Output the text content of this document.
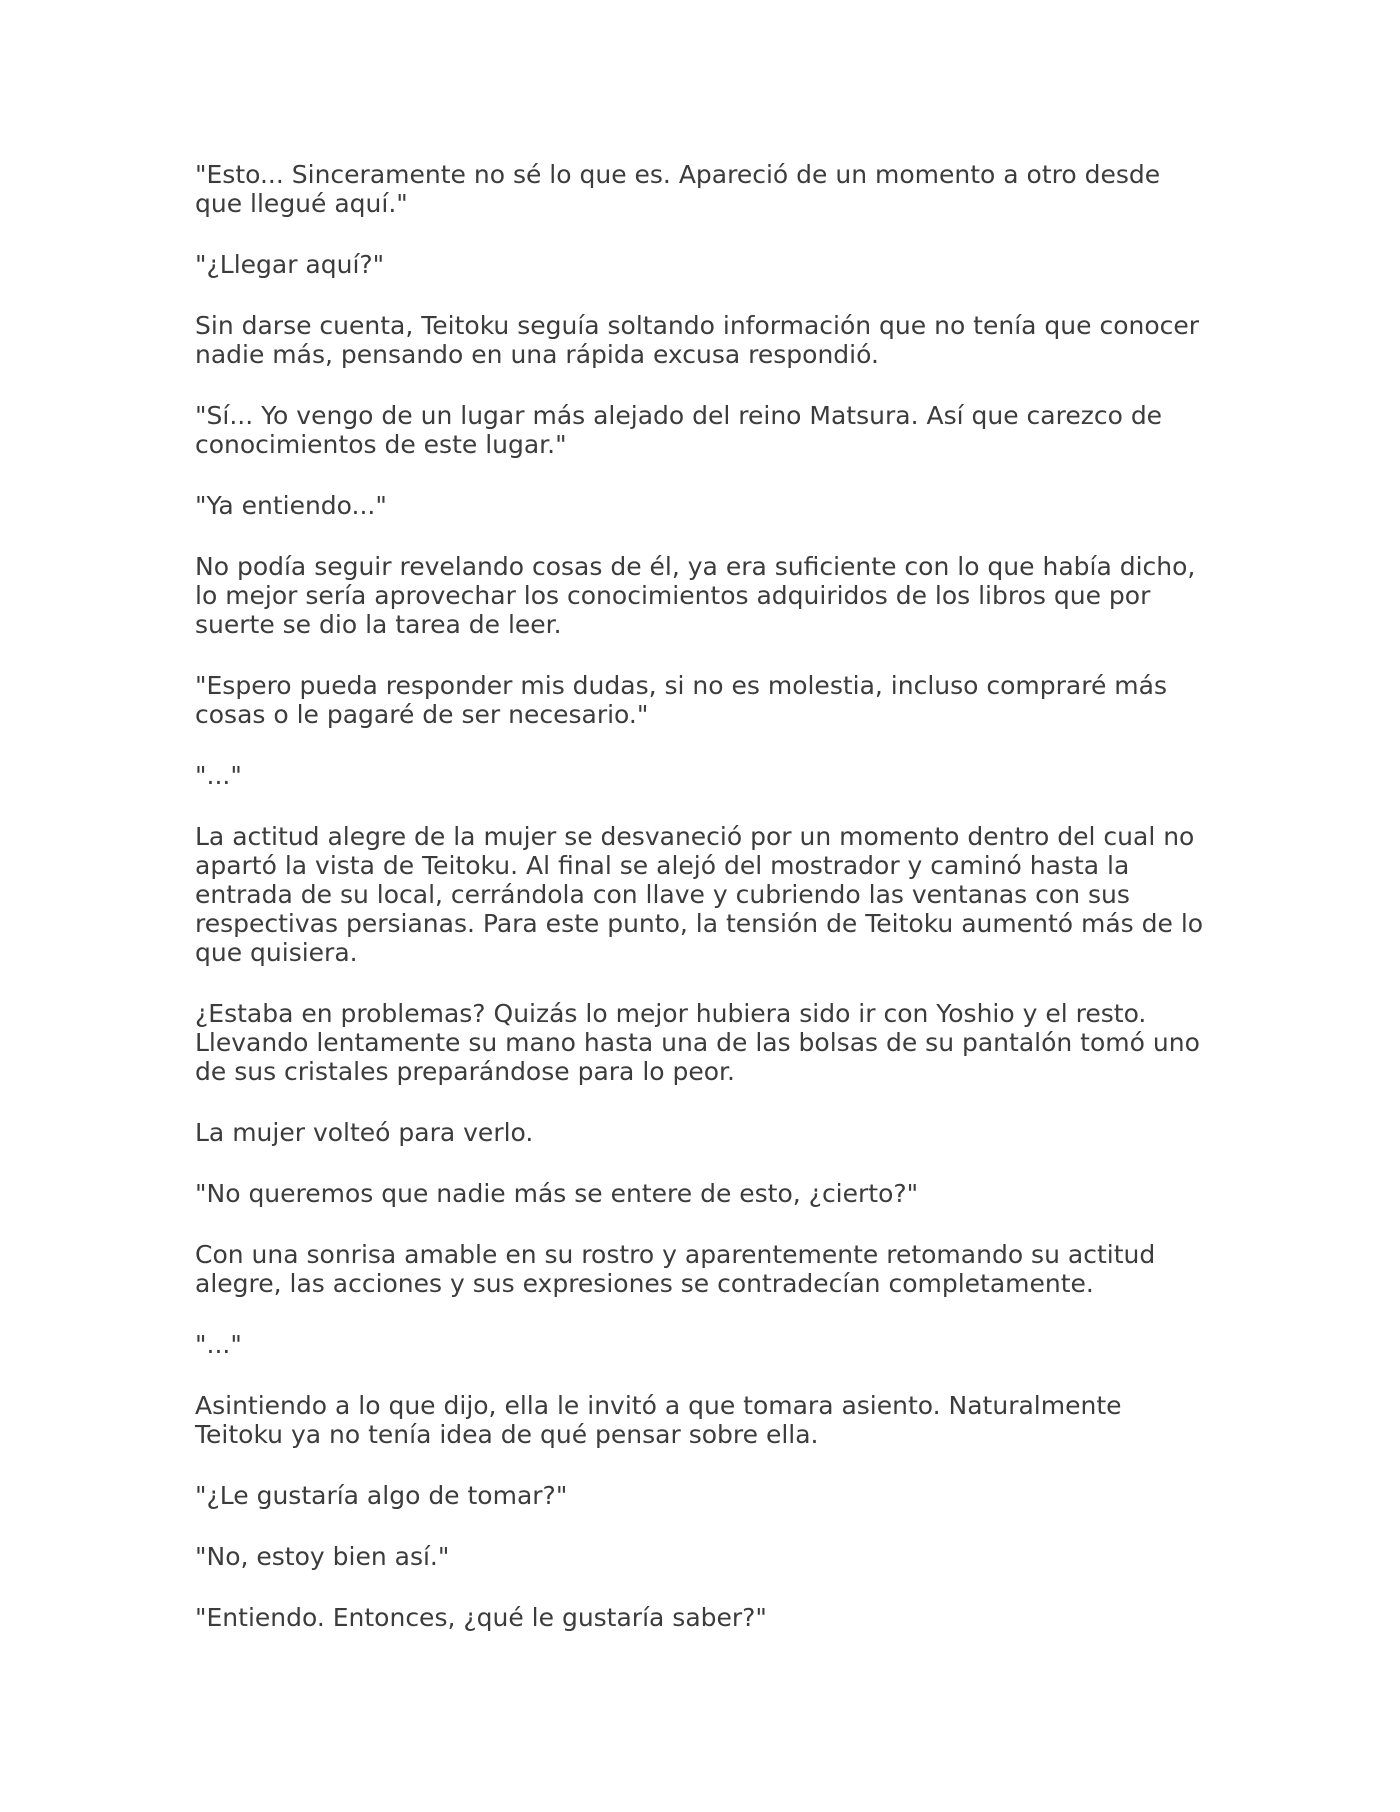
"Esto... Sinceramente no sé lo que es. Apareció de un momento a otro desde que llegué aquí."

"¿Llegar aquí?"

Sin darse cuenta, Teitoku seguía soltando información que no tenía que conocer nadie más, pensando en una rápida excusa respondió.

"Sí... Yo vengo de un lugar más alejado del reino Matsura. Así que carezco de conocimientos de este lugar."

"Ya entiendo..."

No podía seguir revelando cosas de él, ya era suficiente con lo que había dicho, lo mejor sería aprovechar los conocimientos adquiridos de los libros que por suerte se dio la tarea de leer.

"Espero pueda responder mis dudas, si no es molestia, incluso compraré más cosas o le pagaré de ser necesario."

"..."

La actitud alegre de la mujer se desvaneció por un momento dentro del cual no apartó la vista de Teitoku. Al final se alejó del mostrador y caminó hasta la entrada de su local, cerrándola con llave y cubriendo las ventanas con sus respectivas persianas. Para este punto, la tensión de Teitoku aumentó más de lo que quisiera.

¿Estaba en problemas? Quizás lo mejor hubiera sido ir con Yoshio y el resto. Llevando lentamente su mano hasta una de las bolsas de su pantalón tomó uno de sus cristales preparándose para lo peor.

La mujer volteó para verlo.

"No queremos que nadie más se entere de esto, ¿cierto?"

Con una sonrisa amable en su rostro y aparentemente retomando su actitud alegre, las acciones y sus expresiones se contradecían completamente.

"..."

Asintiendo a lo que dijo, ella le invitó a que tomara asiento. Naturalmente Teitoku ya no tenía idea de qué pensar sobre ella.

"¿Le gustaría algo de tomar?"

"No, estoy bien así."

"Entiendo. Entonces, ¿qué le gustaría saber?"
